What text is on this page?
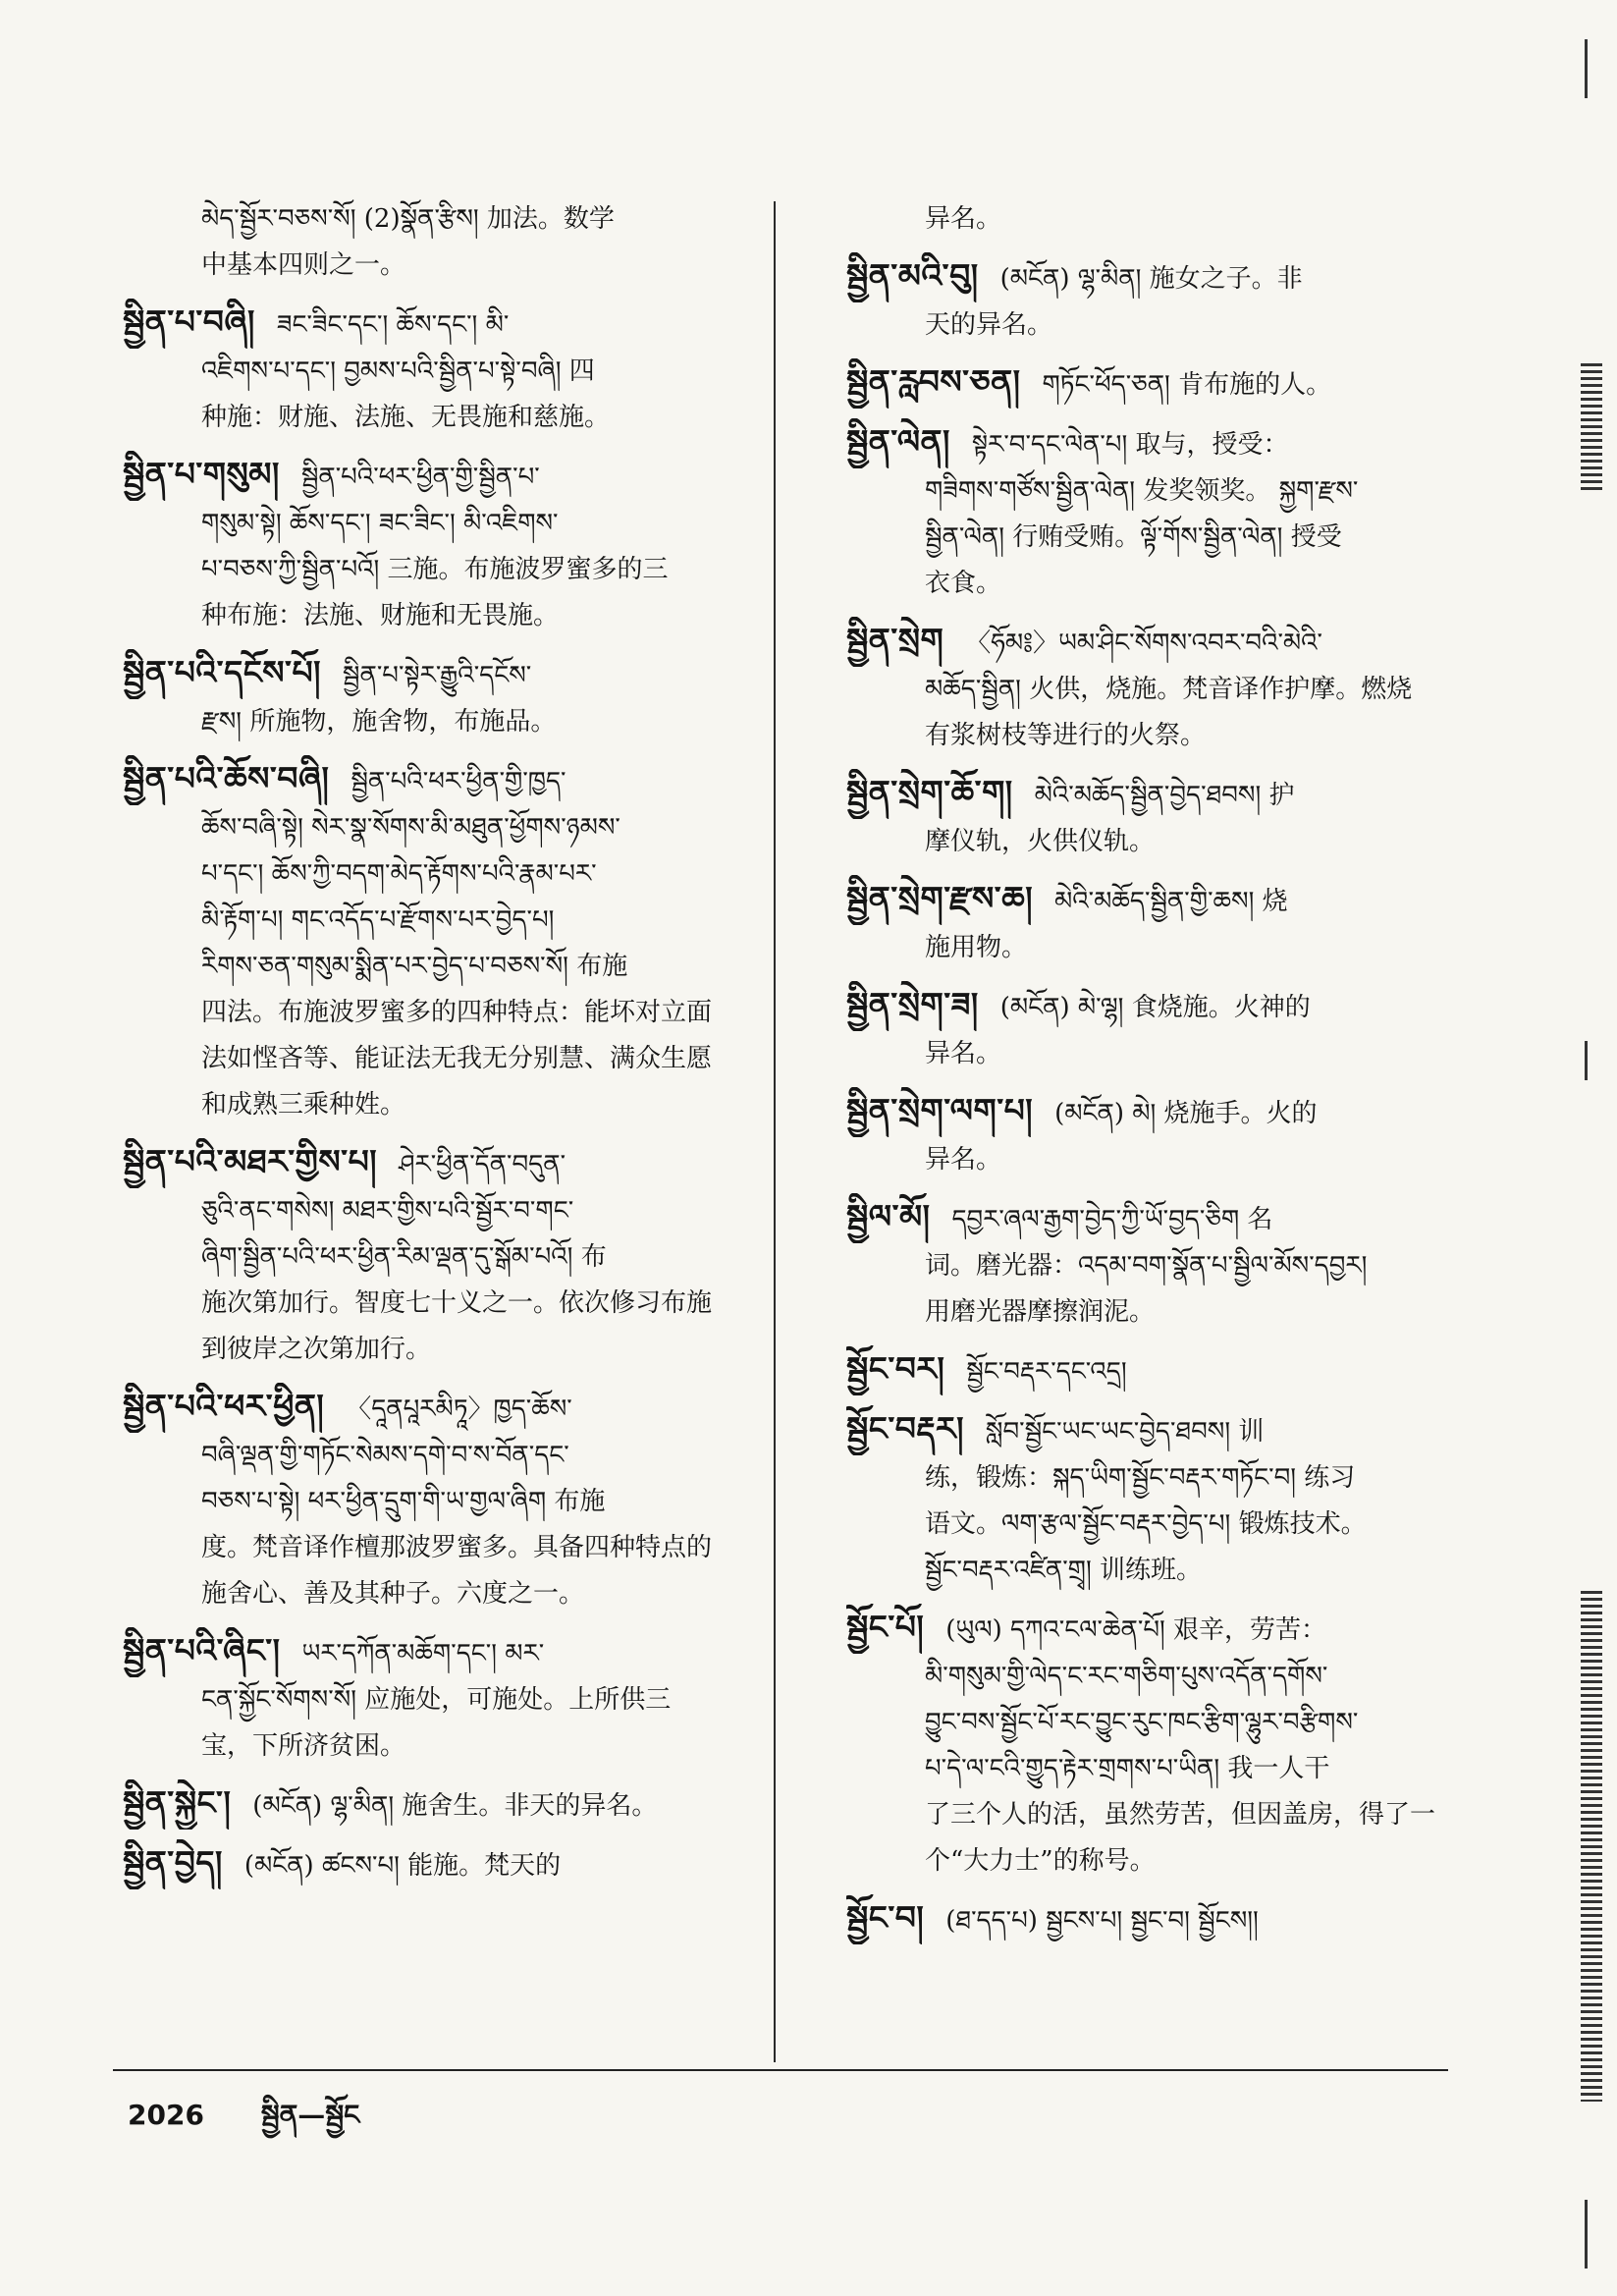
མེད་སྦྱོར་བཅས་སོ། (2)སྣོན་རྩིས། 加法。数学
中基本四则之一。
སྦྱིན་པ་བཞི། ཟང་ཟིང་དང་། ཆོས་དང་། མི་
འཇིགས་པ་དང་། བྱམས་པའི་སྦྱིན་པ་སྟེ་བཞི། 四
种施：财施、法施、无畏施和慈施。
སྦྱིན་པ་གསུམ། སྦྱིན་པའི་ཕར་ཕྱིན་གྱི་སྦྱིན་པ་
གསུམ་སྟེ། ཆོས་དང་། ཟང་ཟིང་། མི་འཇིགས་
པ་བཅས་ཀྱི་སྦྱིན་པའོ། 三施。布施波罗蜜多的三
种布施：法施、财施和无畏施。
སྦྱིན་པའི་དངོས་པོ། སྦྱིན་པ་སྟེར་རྒྱུའི་དངོས་
རྫས། 所施物，施舍物，布施品。
སྦྱིན་པའི་ཆོས་བཞི། སྦྱིན་པའི་ཕར་ཕྱིན་གྱི་ཁྱད་
ཆོས་བཞི་སྟེ། སེར་སྣ་སོགས་མི་མཐུན་ཕྱོགས་ཉམས་
པ་དང་། ཆོས་ཀྱི་བདག་མེད་རྟོགས་པའི་རྣམ་པར་
མི་རྟོག་པ། གང་འདོད་པ་རྫོགས་པར་བྱེད་པ།
རིགས་ཅན་གསུམ་སྨིན་པར་བྱེད་པ་བཅས་སོ། 布施
四法。布施波罗蜜多的四种特点：能坏对立面
法如悭吝等、能证法无我无分别慧、满众生愿
和成熟三乘种姓。
སྦྱིན་པའི་མཐར་གྱིས་པ། ཤེར་ཕྱིན་དོན་བདུན་
ཅུའི་ནང་གསེས། མཐར་གྱིས་པའི་སྦྱོར་བ་གང་
ཞིག་སྦྱིན་པའི་ཕར་ཕྱིན་རིམ་ལྡན་དུ་སྒོམ་པའོ། 布
施次第加行。智度七十义之一。依次修习布施
到彼岸之次第加行。
སྦྱིན་པའི་ཕར་ཕྱིན། 〈དཱནཔཱརམིཏཱ〉ཁྱད་ཆོས་
བཞི་ལྡན་གྱི་གཏོང་སེམས་དགེ་བ་ས་བོན་དང་
བཅས་པ་སྟེ། ཕར་ཕྱིན་དྲུག་གི་ཡ་གྱལ་ཞིག 布施
度。梵音译作檀那波罗蜜多。具备四种特点的
施舍心、善及其种子。六度之一。
སྦྱིན་པའི་ཞིང་། ཡར་དཀོན་མཆོག་དང་། མར་
ངན་སྐྱོང་སོགས་སོ། 应施处，可施处。上所供三
宝，下所济贫困。
སྦྱིན་སྐྱེང་། (མངོན) ལྷ་མིན། 施舍生。非天的异名。
སྦྱིན་བྱེད། (མངོན) ཚངས་པ། 能施。梵天的
异名。
སྦྱིན་མའི་བུ། (མངོན) ལྷ་མིན། 施女之子。非
天的异名。
སྦྱིན་རླབས་ཅན། གཏོང་ཕོད་ཅན། 肯布施的人。
སྦྱིན་ལེན། སྟེར་བ་དང་ལེན་པ། 取与，授受：
གཟིགས་གཙོས་སྦྱིན་ལེན། 发奖领奖。 སྐྱག་རྫས་
སྦྱིན་ལེན། 行贿受贿。ལྟོ་གོས་སྦྱིན་ལེན། 授受
衣食。
སྦྱིན་སྲེག 〈ཧོམ༔〉ཡམ་ཤིང་སོགས་འབར་བའི་མེའི་
མཆོད་སྦྱིན། 火供，烧施。梵音译作护摩。燃烧
有浆树枝等进行的火祭。
སྦྱིན་སྲེག་ཆོ་ག། མེའི་མཆོད་སྦྱིན་བྱེད་ཐབས། 护
摩仪轨，火供仪轨。
སྦྱིན་སྲེག་རྫས་ཆ། མེའི་མཆོད་སྦྱིན་གྱི་ཆས། 烧
施用物。
སྦྱིན་སྲེག་ཟ། (མངོན) མེ་ལྷ། 食烧施。火神的
异名。
སྦྱིན་སྲེག་ལག་པ། (མངོན) མེ། 烧施手。火的
异名。
སྦྱིལ་མོ། དབྱར་ཞལ་རྒྱག་བྱེད་ཀྱི་ཡོ་བྱད་ཅིག 名
词。磨光器：འདམ་བག་སྣོན་པ་སྦྱིལ་མོས་དབྱར།
用磨光器摩擦润泥。
སྦྱོང་བར། སྦྱོང་བརྡར་དང་འདྲ།
སྦྱོང་བརྡར། སློབ་སྦྱོང་ཡང་ཡང་བྱེད་ཐབས། 训
练，锻炼：སྐད་ཡིག་སྦྱོང་བརྡར་གཏོང་བ། 练习
语文。ལག་རྩལ་སྦྱོང་བརྡར་བྱེད་པ། 锻炼技术。
སྦྱོང་བརྡར་འཛིན་གྲྭ། 训练班。
སྦྱོང་པོ། (ཡུལ) དཀའ་ངལ་ཆེན་པོ། 艰辛，劳苦：
མི་གསུམ་གྱི་ལེད་ང་རང་གཅིག་པུས་འདོན་དགོས་
བྱུང་བས་སྦྱོང་པོ་རང་བྱུང་རུང་ཁང་རྩིག་ལྷུར་བརྩིགས་
པ་དེ་ལ་ངའི་གྱུད་རྟེར་གྲགས་པ་ཡིན། 我一人干
了三个人的活，虽然劳苦，但因盖房，得了一
个“大力士”的称号。
སྦྱོང་བ། (ཐ་དད་པ) སྦྱངས་པ། སྦྱང་བ། སྦྱོངས།།
2026 སྦྱིན—སྦྱོང
